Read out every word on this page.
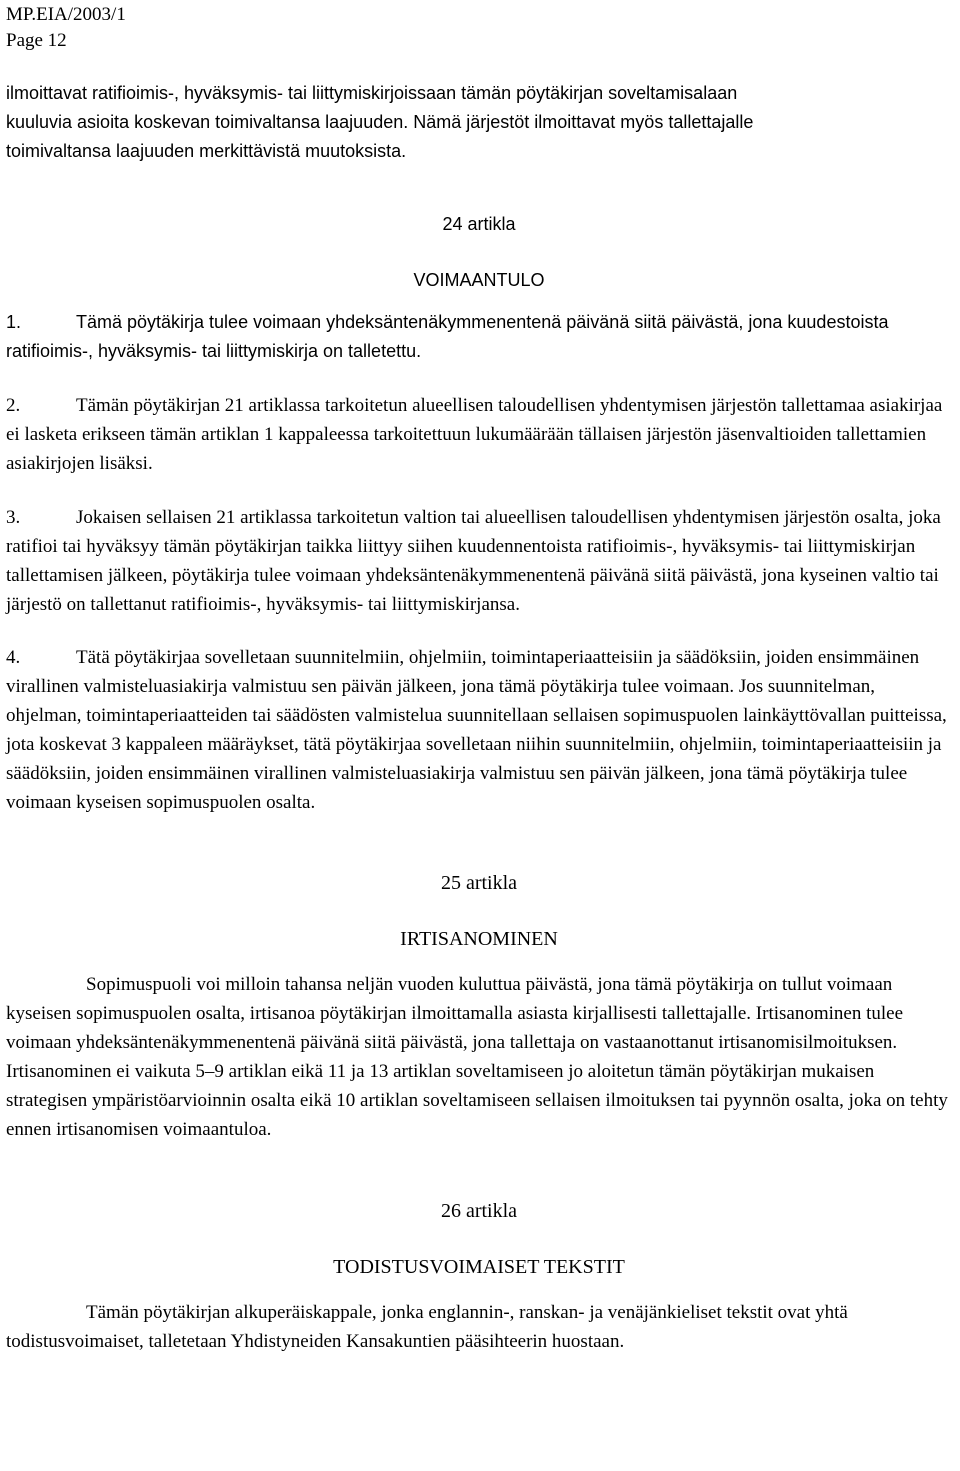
MP.EIA/2003/1
Page 12
ilmoittavat ratifioimis-, hyväksymis- tai liittymiskirjoissaan tämän pöytäkirjan soveltamisalaan
kuuluvia asioita koskevan toimivaltansa laajuuden. Nämä järjestöt ilmoittavat myös tallettajalle
toimivaltansa laajuuden merkittävistä muutoksista.
24 artikla
VOIMAANTULO

1.	Tämä pöytäkirja tulee voimaan yhdeksäntenäkymmenentenä päivänä siitä päivästä, jona kuudestoista ratifioimis-, hyväksymis- tai liittymiskirja on talletettu.

2.	Tämän pöytäkirjan 21 artiklassa tarkoitetun alueellisen taloudellisen yhdentymisen järjestön tallettamaa asiakirjaa ei lasketa erikseen tämän artiklan 1 kappaleessa tarkoitettuun lukumäärään tällaisen järjestön jäsenvaltioiden tallettamien asiakirjojen lisäksi.

3.	Jokaisen sellaisen 21 artiklassa tarkoitetun valtion tai alueellisen taloudellisen yhdentymisen järjestön osalta, joka ratifioi tai hyväksyy tämän pöytäkirjan taikka liittyy siihen kuudennentoista ratifioimis-, hyväksymis- tai liittymiskirjan tallettamisen jälkeen, pöytäkirja tulee voimaan yhdeksäntenäkymmenentenä päivänä siitä päivästä, jona kyseinen valtio tai järjestö on tallettanut ratifioimis-, hyväksymis- tai liittymiskirjansa.

4.	Tätä pöytäkirjaa sovelletaan suunnitelmiin, ohjelmiin, toimintaperiaatteisiin ja säädöksiin, joiden ensimmäinen virallinen valmisteluasiakirja valmistuu sen päivän jälkeen, jona tämä pöytäkirja tulee voimaan. Jos suunnitelman, ohjelman, toimintaperiaatteiden tai säädösten valmistelua suunnitellaan sellaisen sopimuspuolen lainkäyttövallan puitteissa, jota koskevat 3 kappaleen määräykset, tätä pöytäkirjaa sovelletaan niihin suunnitelmiin, ohjelmiin, toimintaperiaatteisiin ja säädöksiin, joiden ensimmäinen virallinen valmisteluasiakirja valmistuu sen päivän jälkeen, jona tämä pöytäkirja tulee voimaan kyseisen sopimuspuolen osalta.

25 artikla
IRTISANOMINEN

Sopimuspuoli voi milloin tahansa neljän vuoden kuluttua päivästä, jona tämä pöytäkirja on tullut voimaan kyseisen sopimuspuolen osalta, irtisanoa pöytäkirjan ilmoittamalla asiasta kirjallisesti tallettajalle. Irtisanominen tulee voimaan yhdeksäntenäkymmenentenä päivänä siitä päivästä, jona tallettaja on vastaanottanut irtisanomisilmoituksen. Irtisanominen ei vaikuta 5–9 artiklan eikä 11 ja 13 artiklan soveltamiseen jo aloitetun tämän pöytäkirjan mukaisen strategisen ympäristöarvioinnin osalta eikä 10 artiklan soveltamiseen sellaisen ilmoituksen tai pyynnön osalta, joka on tehty ennen irtisanomisen voimaantuloa.

26 artikla
TODISTUSVOIMAISET TEKSTIT

Tämän pöytäkirjan alkuperäiskappale, jonka englannin-, ranskan- ja venäjänkieliset tekstit ovat yhtä todistusvoimaiset, talletetaan Yhdistyneiden Kansakuntien pääsihteerin huostaan.
